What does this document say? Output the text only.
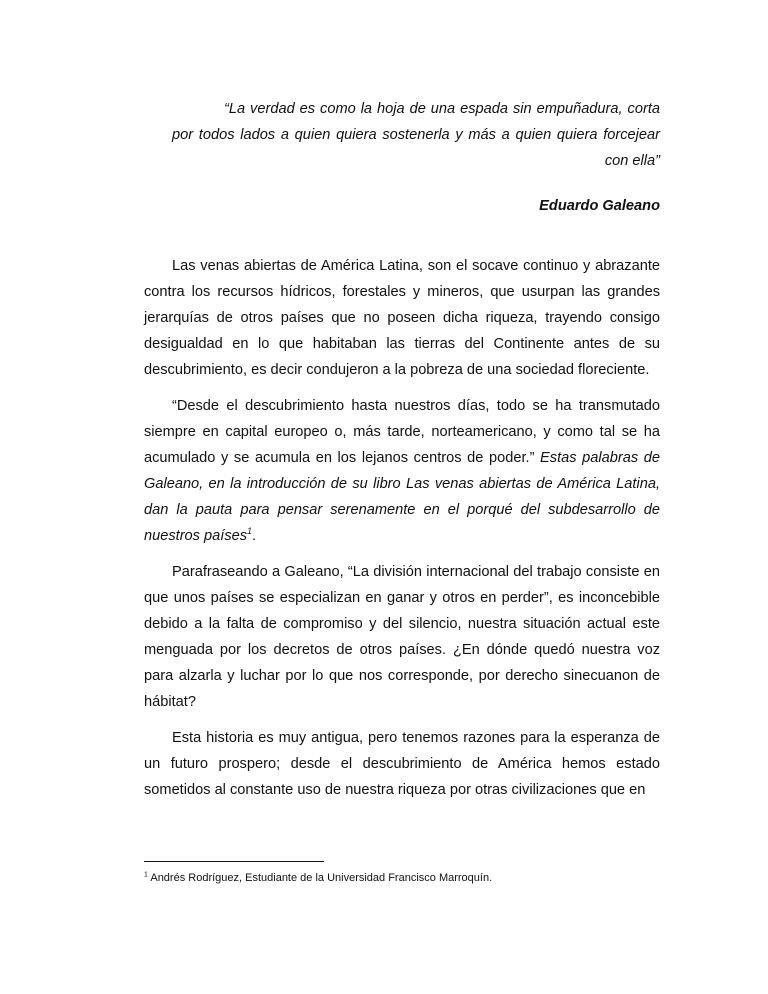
“La verdad es como la hoja de una espada sin empuñadura, corta por todos lados a quien quiera sostenerla y más a quien quiera forcejear con ella”
Eduardo Galeano

Las venas abiertas de América Latina, son el socave continuo y abrazante contra los recursos hídricos, forestales y mineros, que usurpan las grandes jerarquías de otros países que no poseen dicha riqueza, trayendo consigo desigualdad en lo que habitaban las tierras del Continente antes de su descubrimiento, es decir condujeron a la pobreza de una sociedad floreciente.

“Desde el descubrimiento hasta nuestros días, todo se ha transmutado siempre en capital europeo o, más tarde, norteamericano, y como tal se ha acumulado y se acumula en los lejanos centros de poder.” Estas palabras de Galeano, en la introducción de su libro Las venas abiertas de América Latina, dan la pauta para pensar serenamente en el porqué del subdesarrollo de nuestros países$^1$.

Parafraseando a Galeano, “La división internacional del trabajo consiste en que unos países se especializan en ganar y otros en perder”, es inconcebible debido a la falta de compromiso y del silencio, nuestra situación actual este menguada por los decretos de otros países. ¿En dónde quedó nuestra voz para alzarla y luchar por lo que nos corresponde, por derecho sinecuanon de hábitat?

Esta historia es muy antigua, pero tenemos razones para la esperanza de un futuro prospero; desde el descubrimiento de América hemos estado sometidos al constante uso de nuestra riqueza por otras civilizaciones que en

$^1$ Andrés Rodríguez, Estudiante de la Universidad Francisco Marroquín.
